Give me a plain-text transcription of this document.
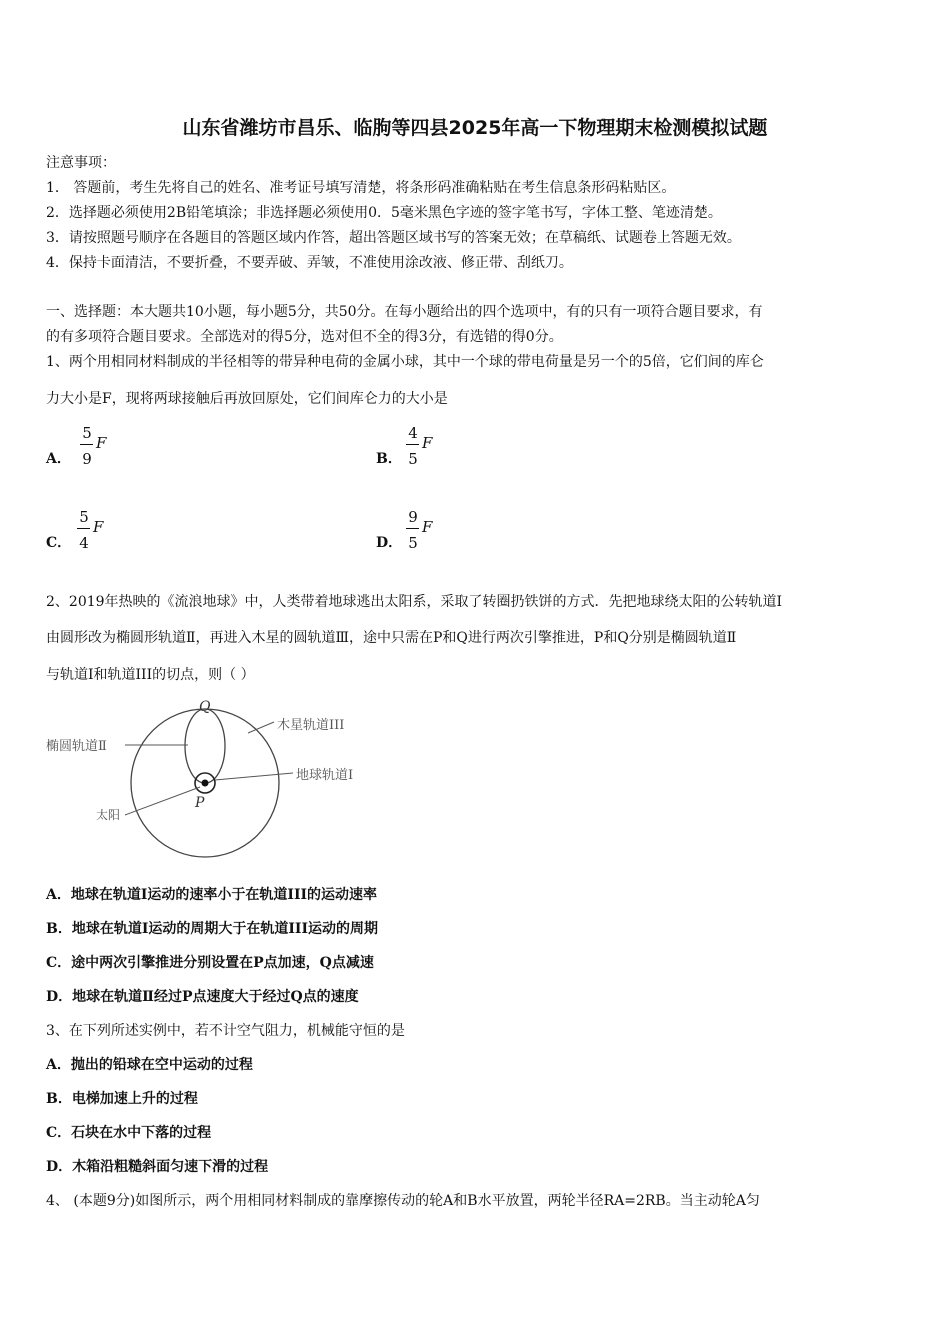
山东省潍坊市昌乐、临朐等四县2025年高一下物理期末检测模拟试题
注意事项：
1． 答题前，考生先将自己的姓名、准考证号填写清楚，将条形码准确粘贴在考生信息条形码粘贴区。
2．选择题必须使用2B铅笔填涂；非选择题必须使用0．5毫米黑色字迹的签字笔书写，字体工整、笔迹清楚。
3．请按照题号顺序在各题目的答题区域内作答，超出答题区域书写的答案无效；在草稿纸、试题卷上答题无效。
4．保持卡面清洁，不要折叠，不要弄破、弄皱，不准使用涂改液、修正带、刮纸刀。
一、选择题：本大题共10小题，每小题5分，共50分。在每小题给出的四个选项中，有的只有一项符合题目要求，有
的有多项符合题目要求。全部选对的得5分，选对但不全的得3分，有选错的得0分。
1、两个用相同材料制成的半径相等的带异种电荷的金属小球，其中一个球的带电荷量是另一个的5倍，它们间的库仑
力大小是F，现将两球接触后再放回原处，它们间库仑力的大小是
A．
5
9
F
B．
4
5
F
C．
5
4
F
D．
9
5
F
2、2019年热映的《流浪地球》中，人类带着地球逃出太阳系，采取了转圈扔铁饼的方式．先把地球绕太阳的公转轨道I
由圆形改为椭圆形轨道Ⅱ，再进入木星的圆轨道Ⅲ，途中只需在P和Q进行两次引擎推进，P和Q分别是椭圆轨道Ⅱ
与轨道I和轨道III的切点，则（ ）
Q
P
木星轨道III
椭圆轨道Ⅱ
地球轨道Ⅰ
太阳
A．地球在轨道I运动的速率小于在轨道III的运动速率
B．地球在轨道I运动的周期大于在轨道III运动的周期
C．途中两次引擎推进分别设置在P点加速，Q点减速
D．地球在轨道Ⅱ经过P点速度大于经过Q点的速度
3、在下列所述实例中，若不计空气阻力，机械能守恒的是
A．抛出的铅球在空中运动的过程
B．电梯加速上升的过程
C．石块在水中下落的过程
D．木箱沿粗糙斜面匀速下滑的过程
4、 (本题9分)如图所示，两个用相同材料制成的靠摩擦传动的轮A和B水平放置，两轮半径RA=2RB。当主动轮A匀
